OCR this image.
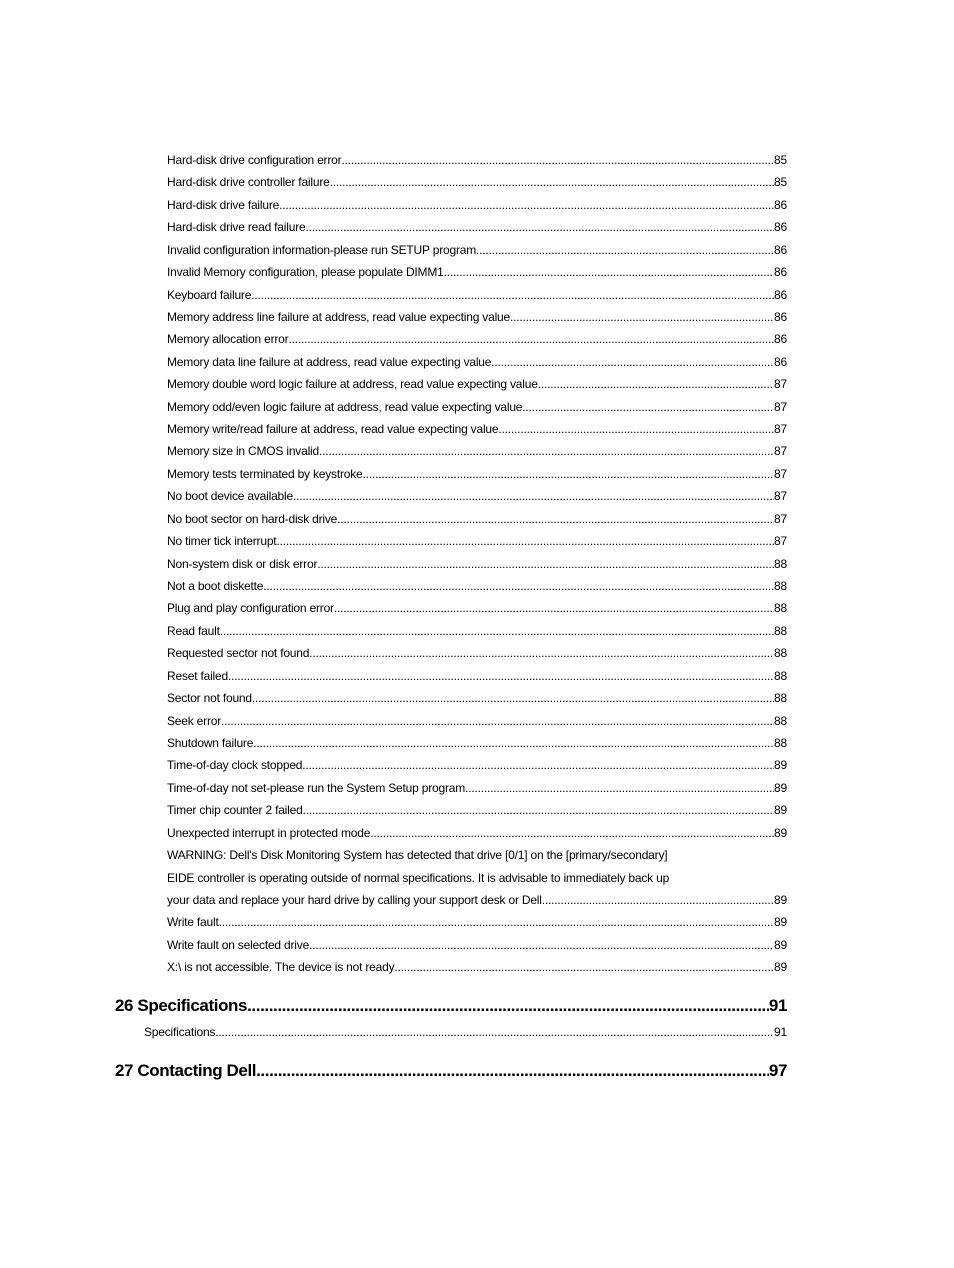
Hard-disk drive configuration error .....	85
Hard-disk drive controller failure .....	85
Hard-disk drive failure .....	86
Hard-disk drive read failure .....	86
Invalid configuration information-please run SETUP program .....	86
Invalid Memory configuration, please populate DIMM1 .....	86
Keyboard failure .....	86
Memory address line failure at address, read value expecting value .....	86
Memory allocation error .....	86
Memory data line failure at address, read value expecting value .....	86
Memory double word logic failure at address, read value expecting value .....	87
Memory odd/even logic failure at address, read value expecting value .....	87
Memory write/read failure at address, read value expecting value .....	87
Memory size in CMOS invalid .....	87
Memory tests terminated by keystroke .....	87
No boot device available .....	87
No boot sector on hard-disk drive .....	87
No timer tick interrupt .....	87
Non-system disk or disk error .....	88
Not a boot diskette .....	88
Plug and play configuration error .....	88
Read fault .....	88
Requested sector not found .....	88
Reset failed .....	88
Sector not found .....	88
Seek error .....	88
Shutdown failure .....	88
Time-of-day clock stopped .....	89
Time-of-day not set-please run the System Setup program .....	89
Timer chip counter 2 failed .....	89
Unexpected interrupt in protected mode .....	89
WARNING: Dell's Disk Monitoring System has detected that drive [0/1] on the [primary/secondary]
EIDE controller is operating outside of normal specifications. It is advisable to immediately back up
your data and replace your hard drive by calling your support desk or Dell .....	89
Write fault .....	89
Write fault on selected drive .....	89
X:\ is not accessible. The device is not ready .....	89
26 Specifications .....	91
Specifications .....	91
27 Contacting Dell .....	97
